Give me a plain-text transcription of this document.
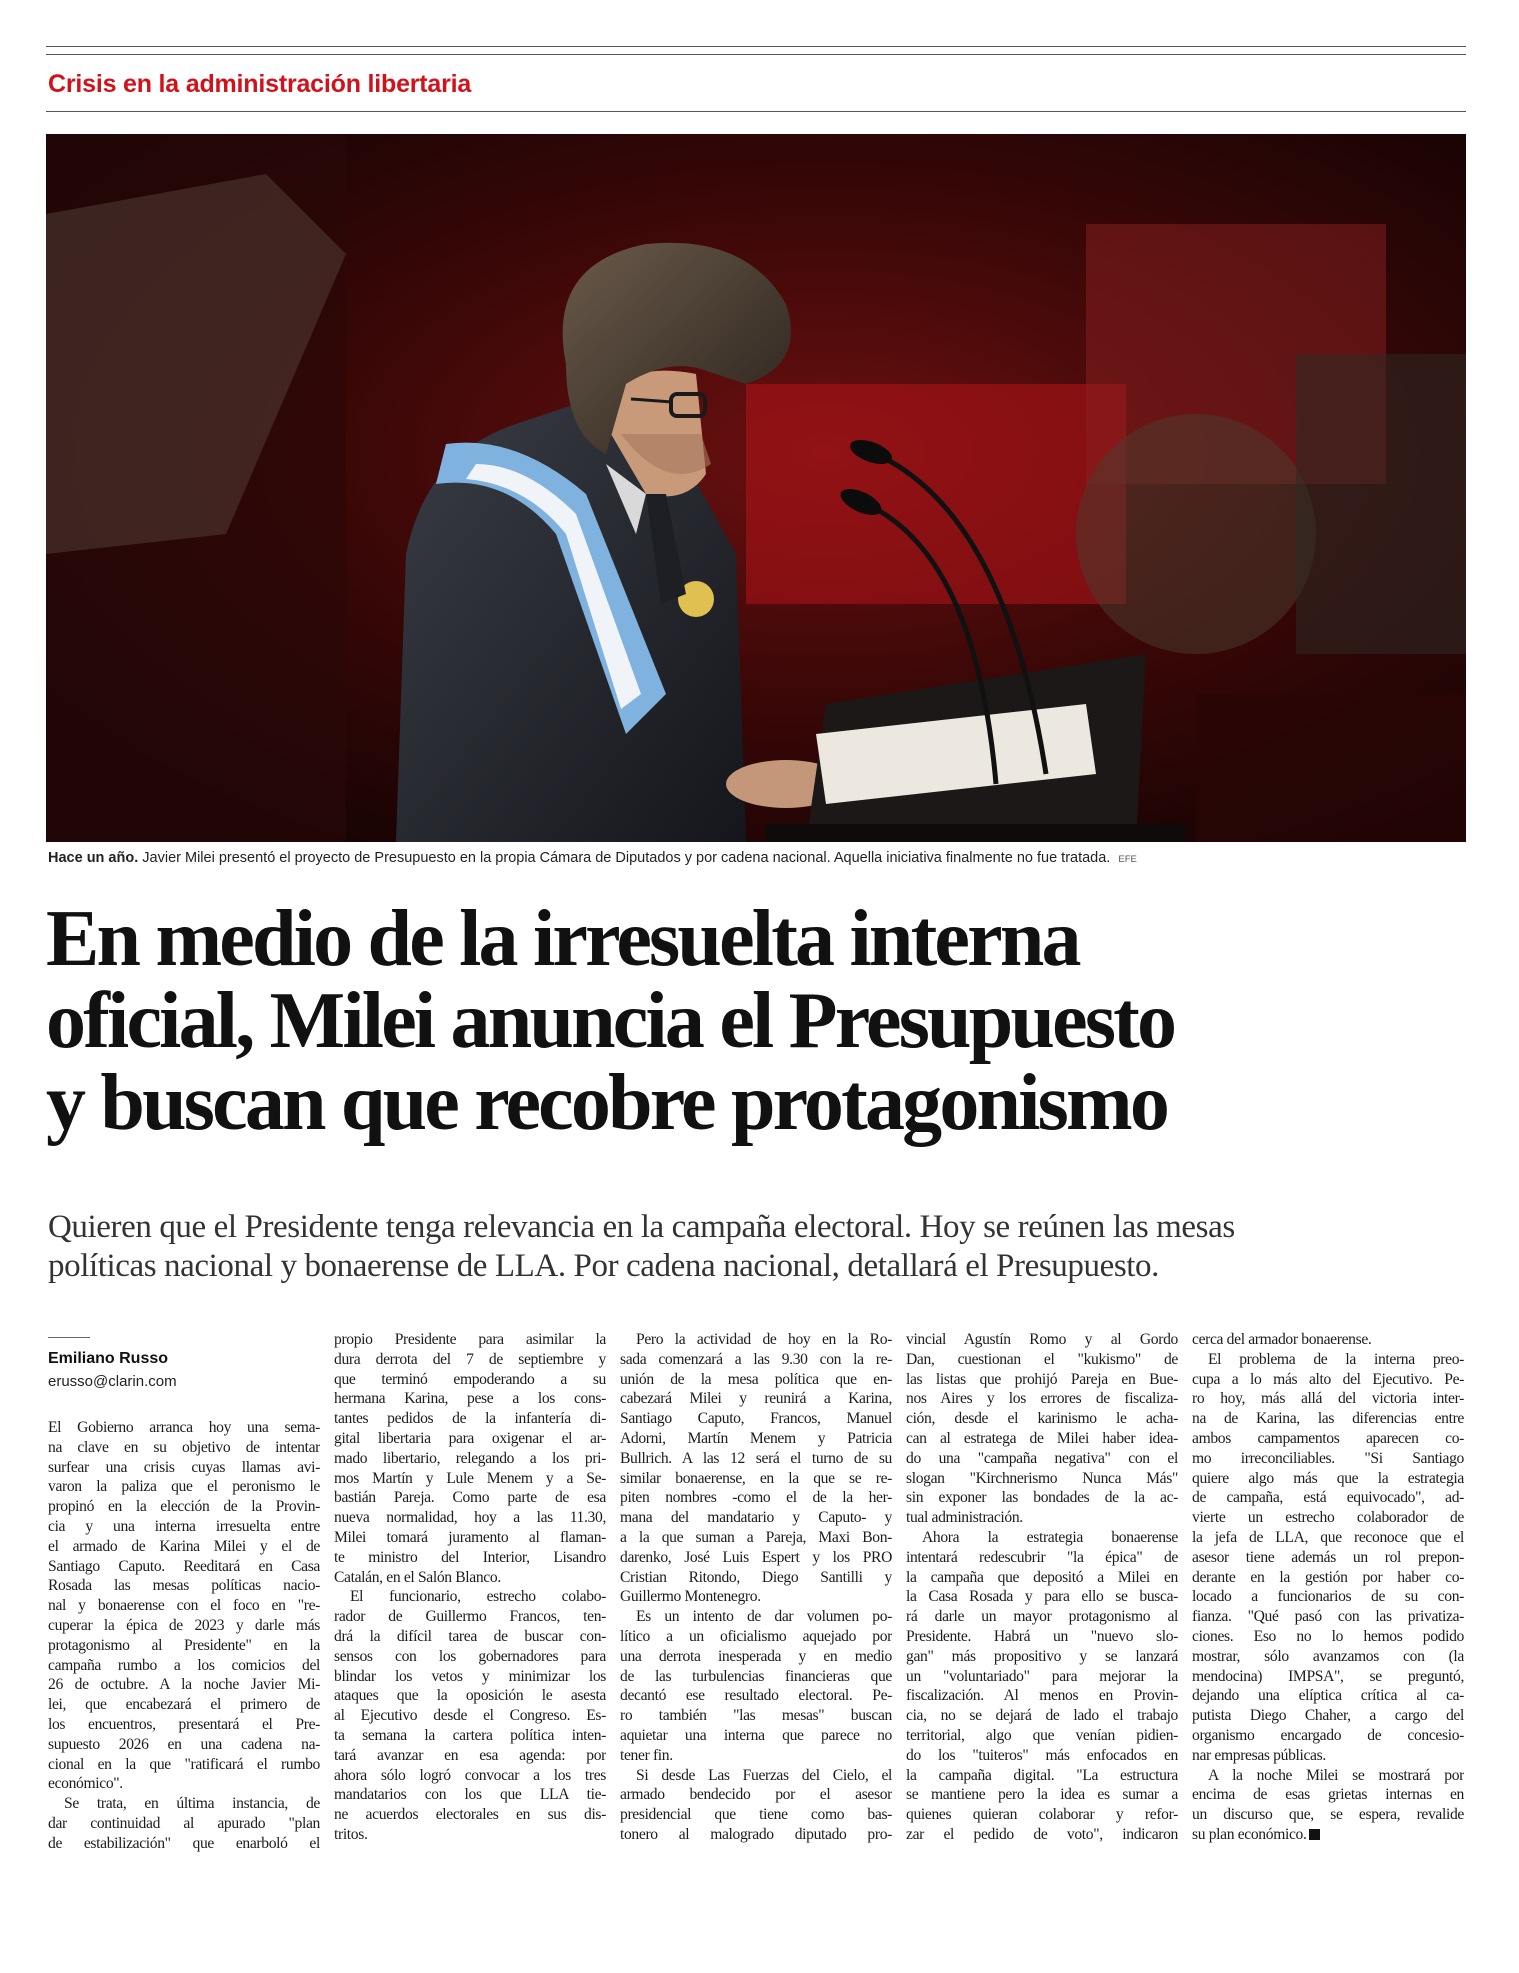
Crisis en la administración libertaria
Hace un año. Javier Milei presentó el proyecto de Presupuesto en la propia Cámara de Diputados y por cadena nacional. Aquella iniciativa finalmente no fue tratada. EFE
En medio de la irresuelta interna
oficial, Milei anuncia el Presupuesto
y buscan que recobre protagonismo
Quieren que el Presidente tenga relevancia en la campaña electoral. Hoy se reúnen las mesas
políticas nacional y bonaerense de LLA. Por cadena nacional, detallará el Presupuesto.
Emiliano Russo
erusso@clarin.com
El Gobierno arranca hoy una sema-
na clave en su objetivo de intentar
surfear una crisis cuyas llamas avi-
varon la paliza que el peronismo le
propinó en la elección de la Provin-
cia y una interna irresuelta entre
el armado de Karina Milei y el de
Santiago Caputo. Reeditará en Casa
Rosada las mesas políticas nacio-
nal y bonaerense con el foco en "re-
cuperar la épica de 2023 y darle más
protagonismo al Presidente" en la
campaña rumbo a los comicios del
26 de octubre. A la noche Javier Mi-
lei, que encabezará el primero de
los encuentros, presentará el Pre-
supuesto 2026 en una cadena na-
cional en la que "ratificará el rumbo
económico".
Se trata, en última instancia, de
dar continuidad al apurado "plan
de estabilización" que enarboló el
propio Presidente para asimilar la
dura derrota del 7 de septiembre y
que terminó empoderando a su
hermana Karina, pese a los cons-
tantes pedidos de la infantería di-
gital libertaria para oxigenar el ar-
mado libertario, relegando a los pri-
mos Martín y Lule Menem y a Se-
bastián Pareja. Como parte de esa
nueva normalidad, hoy a las 11.30,
Milei tomará juramento al flaman-
te ministro del Interior, Lisandro
Catalán, en el Salón Blanco.
El funcionario, estrecho colabo-
rador de Guillermo Francos, ten-
drá la difícil tarea de buscar con-
sensos con los gobernadores para
blindar los vetos y minimizar los
ataques que la oposición le asesta
al Ejecutivo desde el Congreso. Es-
ta semana la cartera política inten-
tará avanzar en esa agenda: por
ahora sólo logró convocar a los tres
mandatarios con los que LLA tie-
ne acuerdos electorales en sus dis-
tritos.
Pero la actividad de hoy en la Ro-
sada comenzará a las 9.30 con la re-
unión de la mesa política que en-
cabezará Milei y reunirá a Karina,
Santiago Caputo, Francos, Manuel
Adorni, Martín Menem y Patricia
Bullrich. A las 12 será el turno de su
similar bonaerense, en la que se re-
piten nombres -como el de la her-
mana del mandatario y Caputo- y
a la que suman a Pareja, Maxi Bon-
darenko, José Luis Espert y los PRO
Cristian Ritondo, Diego Santilli y
Guillermo Montenegro.
Es un intento de dar volumen po-
lítico a un oficialismo aquejado por
una derrota inesperada y en medio
de las turbulencias financieras que
decantó ese resultado electoral. Pe-
ro también "las mesas" buscan
aquietar una interna que parece no
tener fin.
Si desde Las Fuerzas del Cielo, el
armado bendecido por el asesor
presidencial que tiene como bas-
tonero al malogrado diputado pro-
vincial Agustín Romo y al Gordo
Dan, cuestionan el "kukismo" de
las listas que prohijó Pareja en Bue-
nos Aires y los errores de fiscaliza-
ción, desde el karinismo le acha-
can al estratega de Milei haber idea-
do una "campaña negativa" con el
slogan "Kirchnerismo Nunca Más"
sin exponer las bondades de la ac-
tual administración.
Ahora la estrategia bonaerense
intentará redescubrir "la épica" de
la campaña que depositó a Milei en
la Casa Rosada y para ello se busca-
rá darle un mayor protagonismo al
Presidente. Habrá un "nuevo slo-
gan" más propositivo y se lanzará
un "voluntariado" para mejorar la
fiscalización. Al menos en Provin-
cia, no se dejará de lado el trabajo
territorial, algo que venían pidien-
do los "tuiteros" más enfocados en
la campaña digital. "La estructura
se mantiene pero la idea es sumar a
quienes quieran colaborar y refor-
zar el pedido de voto", indicaron
cerca del armador bonaerense.
El problema de la interna preo-
cupa a lo más alto del Ejecutivo. Pe-
ro hoy, más allá del victoria inter-
na de Karina, las diferencias entre
ambos campamentos aparecen co-
mo irreconciliables. "Si Santiago
quiere algo más que la estrategia
de campaña, está equivocado", ad-
vierte un estrecho colaborador de
la jefa de LLA, que reconoce que el
asesor tiene además un rol prepon-
derante en la gestión por haber co-
locado a funcionarios de su con-
fianza. "Qué pasó con las privatiza-
ciones. Eso no lo hemos podido
mostrar, sólo avanzamos con (la
mendocina) IMPSA", se preguntó,
dejando una elíptica crítica al ca-
putista Diego Chaher, a cargo del
organismo encargado de concesio-
nar empresas públicas.
A la noche Milei se mostrará por
encima de esas grietas internas en
un discurso que, se espera, revalide
su plan económico.
